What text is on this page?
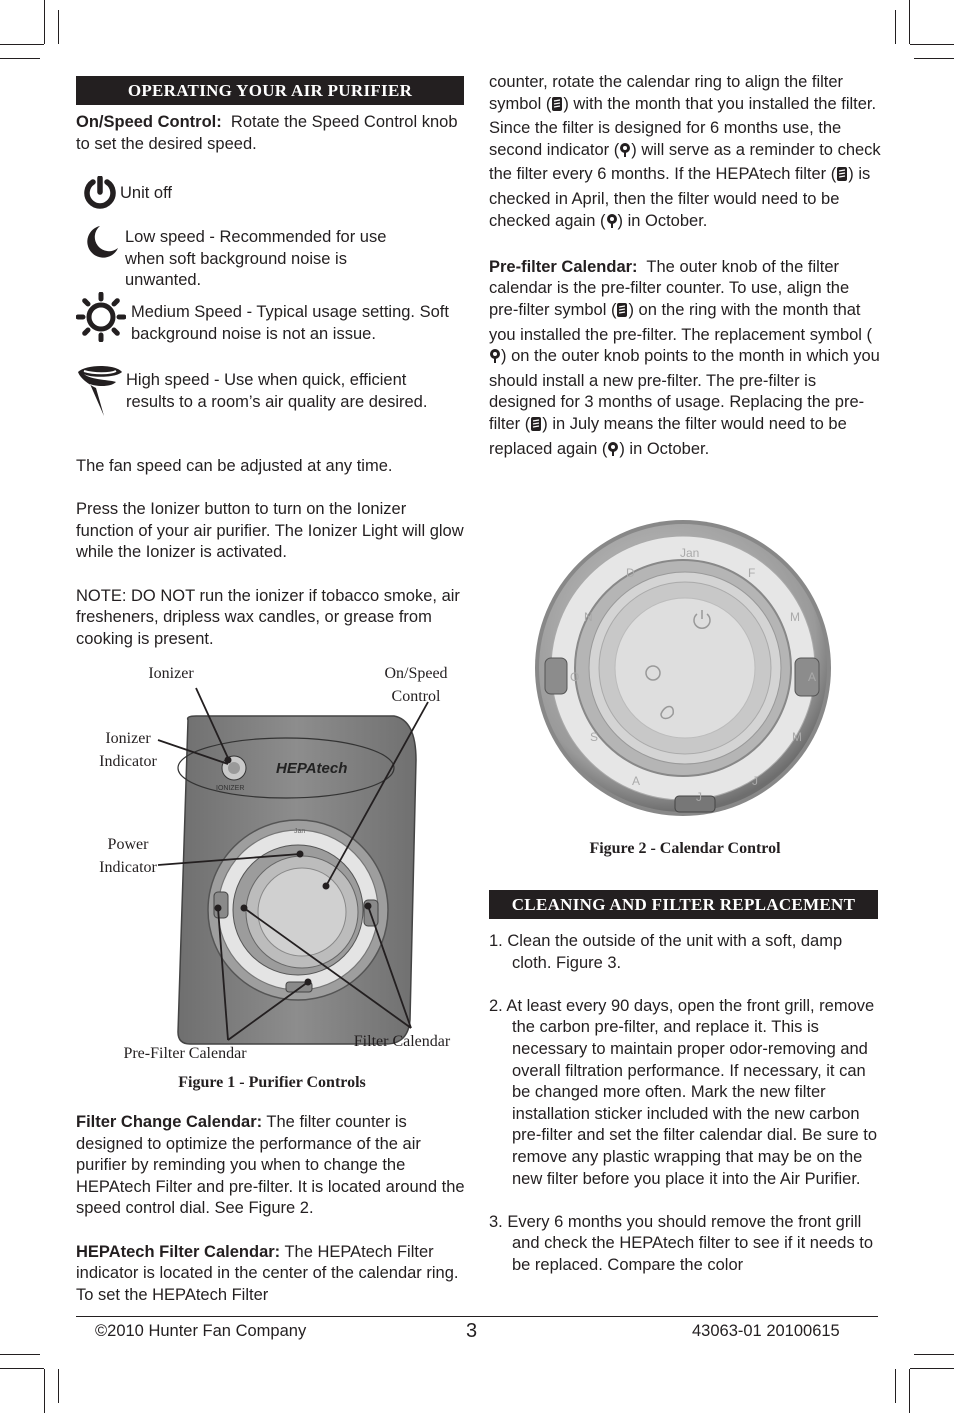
OPERATING YOUR AIR PURIFIER

On/Speed Control: Rotate the Speed Control knob to set the desired speed.

Unit off
Low speed - Recommended for use when soft background noise is unwanted.
Medium Speed - Typical usage setting. Soft background noise is not an issue.
High speed - Use when quick, efficient results to a room’s air quality are desired.

The fan speed can be adjusted at any time.

Press the Ionizer button to turn on the Ionizer function of your air purifier. The Ionizer Light will glow while the Ionizer is activated.

NOTE: DO NOT run the ionizer if tobacco smoke, air fresheners, dripless wax candles, or grease from cooking is present.

HEPAtech
IONIZER
Jan
Ionizer	On/Speed
Control
Ionizer
Indicator
Power
Indicator
Pre-Filter Calendar
Filter Calendar
Figure 1 - Purifier Controls

Filter Change Calendar: The filter counter is designed to optimize the performance of the air purifier by reminding you when to change the HEPAtech Filter and pre-filter. It is located around the speed control dial. See Figure 2.

HEPAtech Filter Calendar: The HEPAtech Filter indicator is located in the center of the calendar ring. To set the HEPAtech Filter

counter, rotate the calendar ring to align the filter symbol ( ) with the month that you installed the filter. Since the filter is designed for 6 months use, the second indicator ( ) will serve as a reminder to check the filter every 6 months. If the HEPAtech filter ( ) is checked in April, then the filter would need to be checked again ( ) in October.

Pre-filter Calendar: The outer knob of the filter calendar is the pre-filter counter. To use, align the pre-filter symbol ( ) on the ring with the month that you installed the pre-filter. The replacement symbol () on the outer knob points to the month in which you should install a new pre-filter. The pre-filter is designed for 3 months of usage. Replacing the pre-filter ( ) in July means the filter would need to be replaced again ( ) in October.

Jan
F
M
A
M
J
J
A
S
O
N
D
Figure 2 - Calendar Control
CLEANING AND FILTER REPLACEMENT

1. Clean the outside of the unit with a soft, damp cloth. Figure 3.

2. At least every 90 days, open the front grill, remove the carbon pre-filter, and replace it. This is necessary to maintain proper odor-removing and overall filtration performance. If necessary, it can be changed more often. Mark the new filter installation sticker included with the new carbon pre-filter and set the filter calendar dial. Be sure to remove any plastic wrapping that may be on the new filter before you place it into the Air Purifier.

3. Every 6 months you should remove the front grill and check the HEPAtech filter to see if it needs to be replaced. Compare the color

©2010 Hunter Fan Company	3	43063-01 20100615
